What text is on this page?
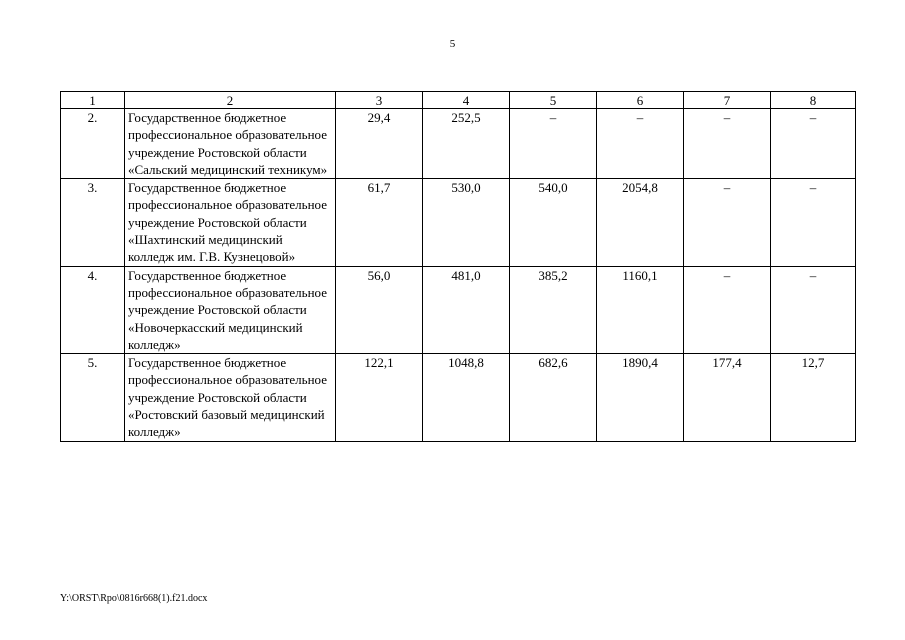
5
1	2	3	4	5	6	7	8
2.	Государственное бюджетное профессиональное образовательное учреждение Ростовской области «Сальский медицинский техникум»	29,4	252,5	–	–	–	–
3.	Государственное бюджетное профессиональное образовательное учреждение Ростовской области «Шахтинский медицинский колледж им. Г.В. Кузнецовой»	61,7	530,0	540,0	2054,8	–	–
4.	Государственное бюджетное профессиональное образовательное учреждение Ростовской области «Новочеркасский медицинский колледж»	56,0	481,0	385,2	1160,1	–	–
5.	Государственное бюджетное профессиональное образовательное учреждение Ростовской области «Ростовский базовый медицинский колледж»	122,1	1048,8	682,6	1890,4	177,4	12,7
Y:\ORST\Rpo\0816r668(1).f21.docx
